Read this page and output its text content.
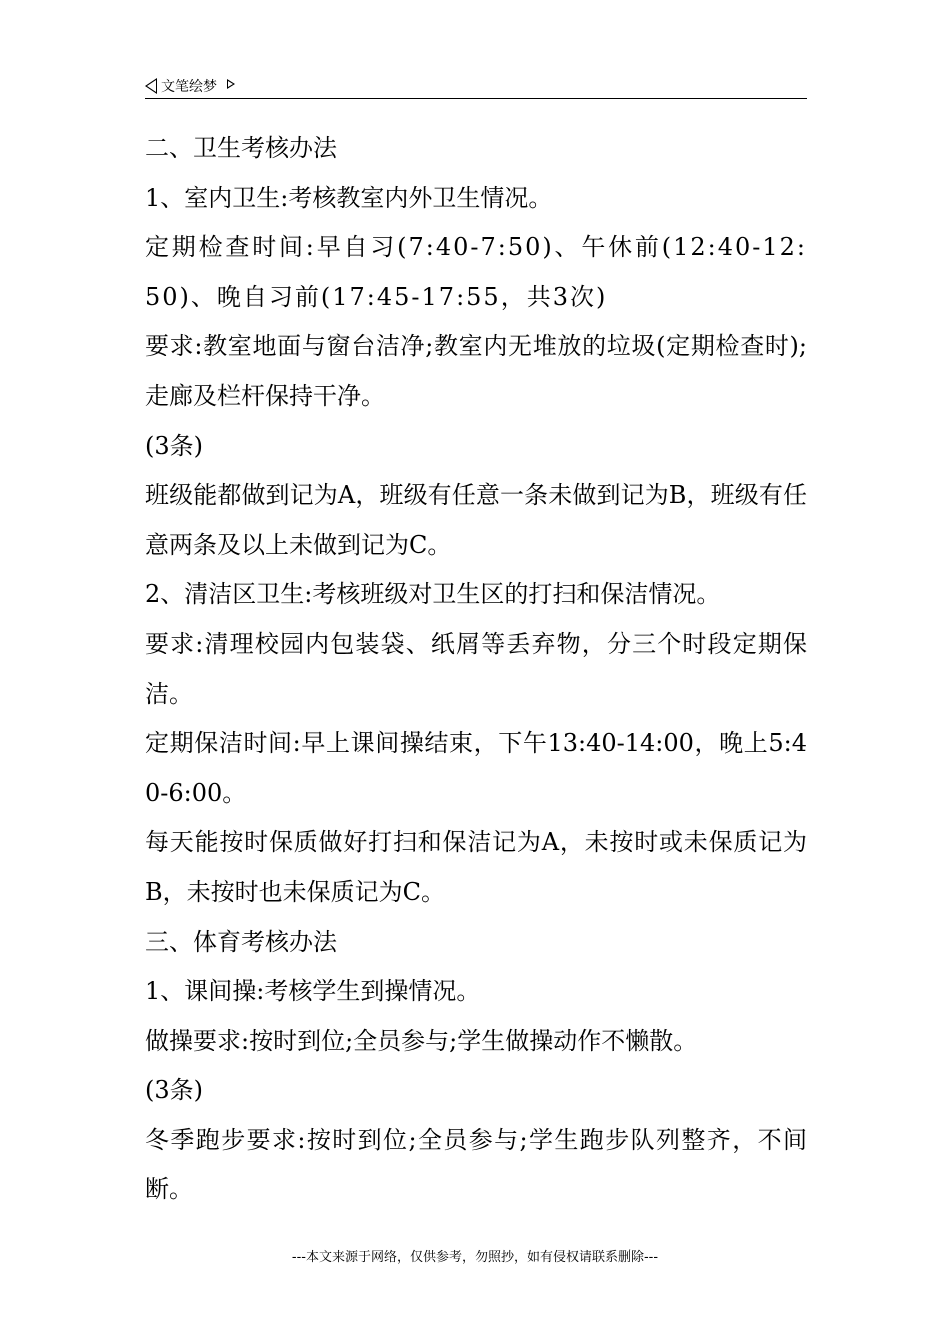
文笔绘梦

二、卫生考核办法

1、室内卫生:考核教室内外卫生情况。

定期检查时间:早自习(7:40-7:50)、午休前(12:40-12:50)、晚自习前(17:45-17:55，共3次)

要求:教室地面与窗台洁净;教室内无堆放的垃圾(定期检查时);走廊及栏杆保持干净。

(3条)

班级能都做到记为A，班级有任意一条未做到记为B，班级有任意两条及以上未做到记为C。

2、清洁区卫生:考核班级对卫生区的打扫和保洁情况。

要求:清理校园内包装袋、纸屑等丢弃物，分三个时段定期保洁。

定期保洁时间:早上课间操结束，下午13:40-14:00，晚上5:40-6:00。

每天能按时保质做好打扫和保洁记为A，未按时或未保质记为B，未按时也未保质记为C。

三、体育考核办法

1、课间操:考核学生到操情况。

做操要求:按时到位;全员参与;学生做操动作不懒散。

(3条)

冬季跑步要求:按时到位;全员参与;学生跑步队列整齐，不间断。

---本文来源于网络，仅供参考，勿照抄，如有侵权请联系删除---
